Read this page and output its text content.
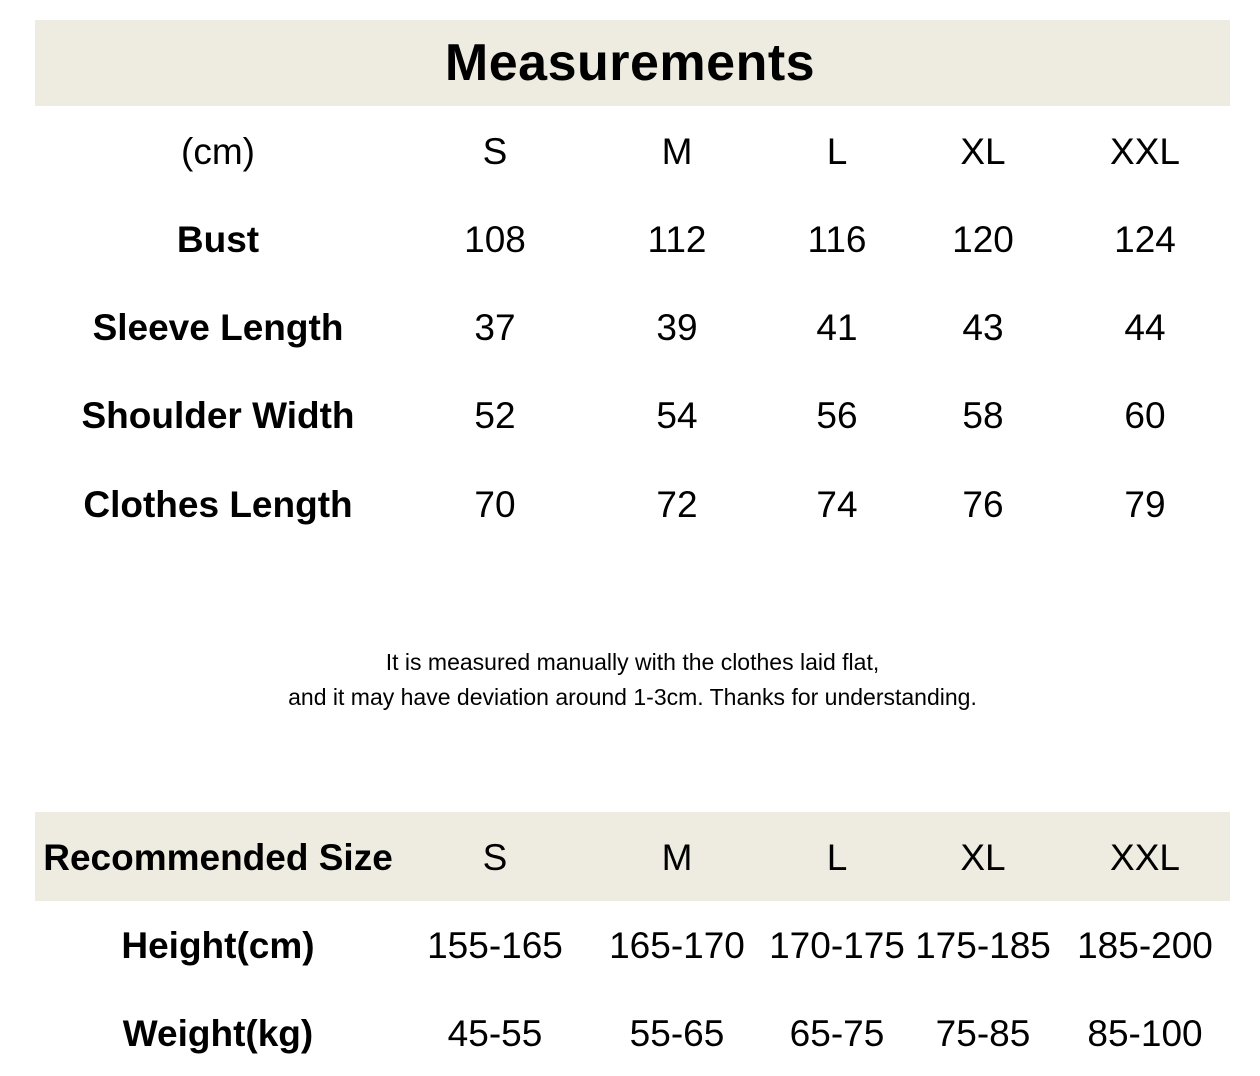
Measurements
(cm)	S	M	L	XL	XXL
Bust	108	112	116	120	124
Sleeve Length	37	39	41	43	44
Shoulder Width	52	54	56	58	60
Clothes Length	70	72	74	76	79
It is measured manually with the clothes laid flat,
and it may have deviation around 1-3cm. Thanks for understanding.
Recommended Size	S	M	L	XL	XXL
Height(cm)	155-165 165-170 170-175 175-185 185-200
Weight(kg)	45-55	55-65	65-75	75-85	85-100
